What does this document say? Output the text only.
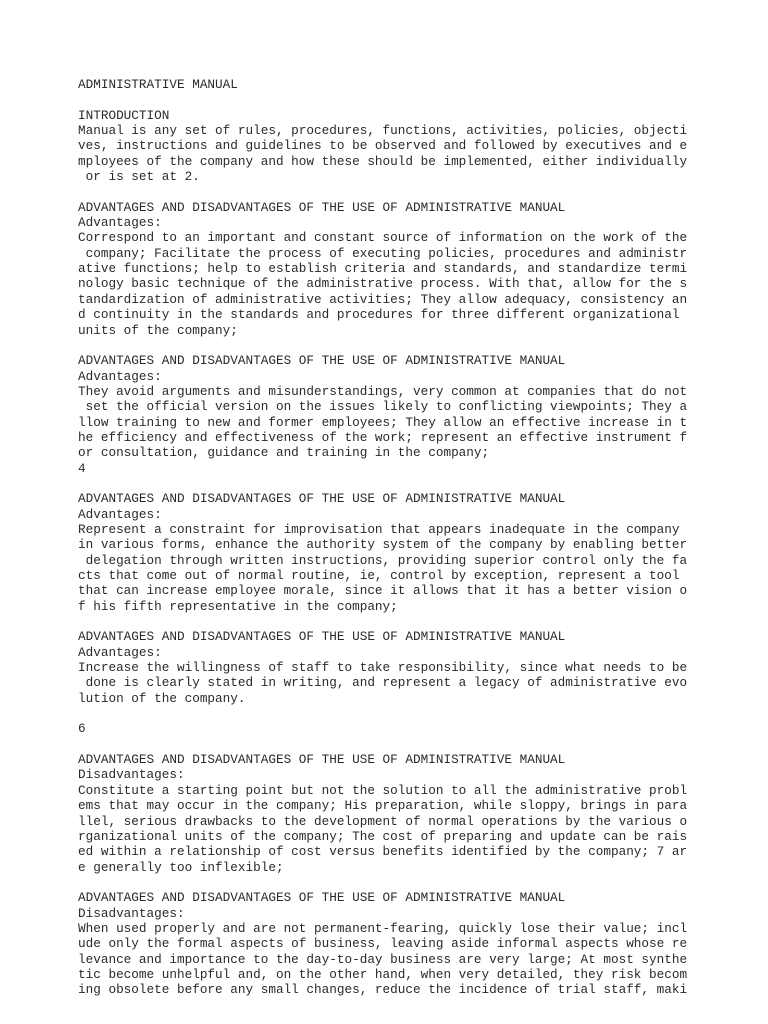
ADMINISTRATIVE MANUAL
INTRODUCTION
Manual is any set of rules, procedures, functions, activities, policies, objecti
ves, instructions and guidelines to be observed and followed by executives and e
mployees of the company and how these should be implemented, either individually
or is set at 2.
ADVANTAGES AND DISADVANTAGES OF THE USE OF ADMINISTRATIVE MANUAL
Advantages:
Correspond to an important and constant source of information on the work of the
company; Facilitate the process of executing policies, procedures and administr
ative functions; help to establish criteria and standards, and standardize termi
nology basic technique of the administrative process. With that, allow for the s
tandardization of administrative activities; They allow adequacy, consistency an
d continuity in the standards and procedures for three different organizational
units of the company;
ADVANTAGES AND DISADVANTAGES OF THE USE OF ADMINISTRATIVE MANUAL
Advantages:
They avoid arguments and misunderstandings, very common at companies that do not
set the official version on the issues likely to conflicting viewpoints; They a
llow training to new and former employees; They allow an effective increase in t
he efficiency and effectiveness of the work; represent an effective instrument f
or consultation, guidance and training in the company;
4
ADVANTAGES AND DISADVANTAGES OF THE USE OF ADMINISTRATIVE MANUAL
Advantages:
Represent a constraint for improvisation that appears inadequate in the company
in various forms, enhance the authority system of the company by enabling better
delegation through written instructions, providing superior control only the fa
cts that come out of normal routine, ie, control by exception, represent a tool
that can increase employee morale, since it allows that it has a better vision o
f his fifth representative in the company;
ADVANTAGES AND DISADVANTAGES OF THE USE OF ADMINISTRATIVE MANUAL
Advantages:
Increase the willingness of staff to take responsibility, since what needs to be
done is clearly stated in writing, and represent a legacy of administrative evo
lution of the company.
6
ADVANTAGES AND DISADVANTAGES OF THE USE OF ADMINISTRATIVE MANUAL
Disadvantages:
Constitute a starting point but not the solution to all the administrative probl
ems that may occur in the company; His preparation, while sloppy, brings in para
llel, serious drawbacks to the development of normal operations by the various o
rganizational units of the company; The cost of preparing and update can be rais
ed within a relationship of cost versus benefits identified by the company; 7 ar
e generally too inflexible;
ADVANTAGES AND DISADVANTAGES OF THE USE OF ADMINISTRATIVE MANUAL
Disadvantages:
When used properly and are not permanent-fearing, quickly lose their value; incl
ude only the formal aspects of business, leaving aside informal aspects whose re
levance and importance to the day-to-day business are very large; At most synthe
tic become unhelpful and, on the other hand, when very detailed, they risk becom
ing obsolete before any small changes, reduce the incidence of trial staff, maki
